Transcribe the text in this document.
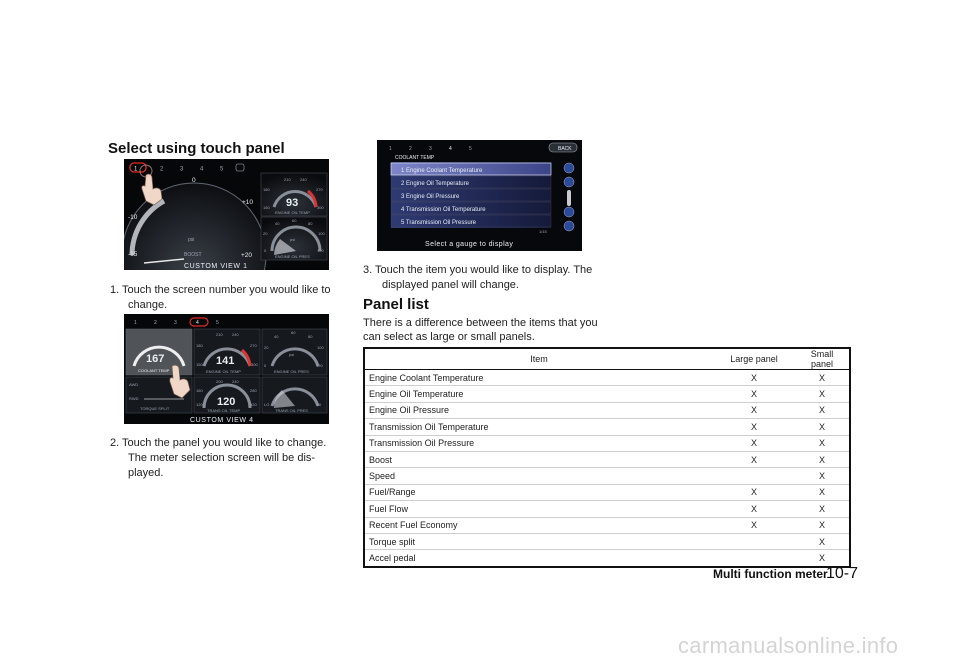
Select using touch panel
1	2	3	4	5
0
-10
+10
-15	+20
psi
BOOST
210 240
180	270
150	300
93
ENGINE OIL TEMP
40
60
80
20	100
0	120
psi
ENGINE OIL PRES
CUSTOM VIEW 1
1. Touch the screen number you would like to
change.
1	2	3	4	5
167
COOLANT TEMP
210 240
180	270
150	300
141
ENGINE OIL TEMP
40
60
80
20	100
0	120
psi
ENGINE OIL PRES
AWD
RWD
TORQUE SPLIT
200 240
160	280
120	320
120
TRANS OIL TEMP
LO	HI
TRANS OIL PRES
CUSTOM VIEW 4
2. Touch the panel you would like to change.
The meter selection screen will be dis-
played.
1	2	3	4	5	BACK
COOLANT TEMP
1 Engine Coolant Temperature
2 Engine Oil Temperature
3 Engine Oil Pressure
4 Transmission Oil Temperature
5 Transmission Oil Pressure
1/15
Select a gauge to display
3. Touch the item you would like to display. The
displayed panel will change.
Panel list
There is a difference between the items that you
can select as large or small panels.
Item	Large panel	Small panel
Engine Coolant Temperature	X	X
Engine Oil Temperature	X	X
Engine Oil Pressure	X	X
Transmission Oil Temperature	X	X
Transmission Oil Pressure	X	X
Boost	X	X
Speed		X
Fuel/Range	X	X
Fuel Flow	X	X
Recent Fuel Economy	X	X
Torque split		X
Accel pedal		X
Multi function meter
10-7
carmanualsonline.info
